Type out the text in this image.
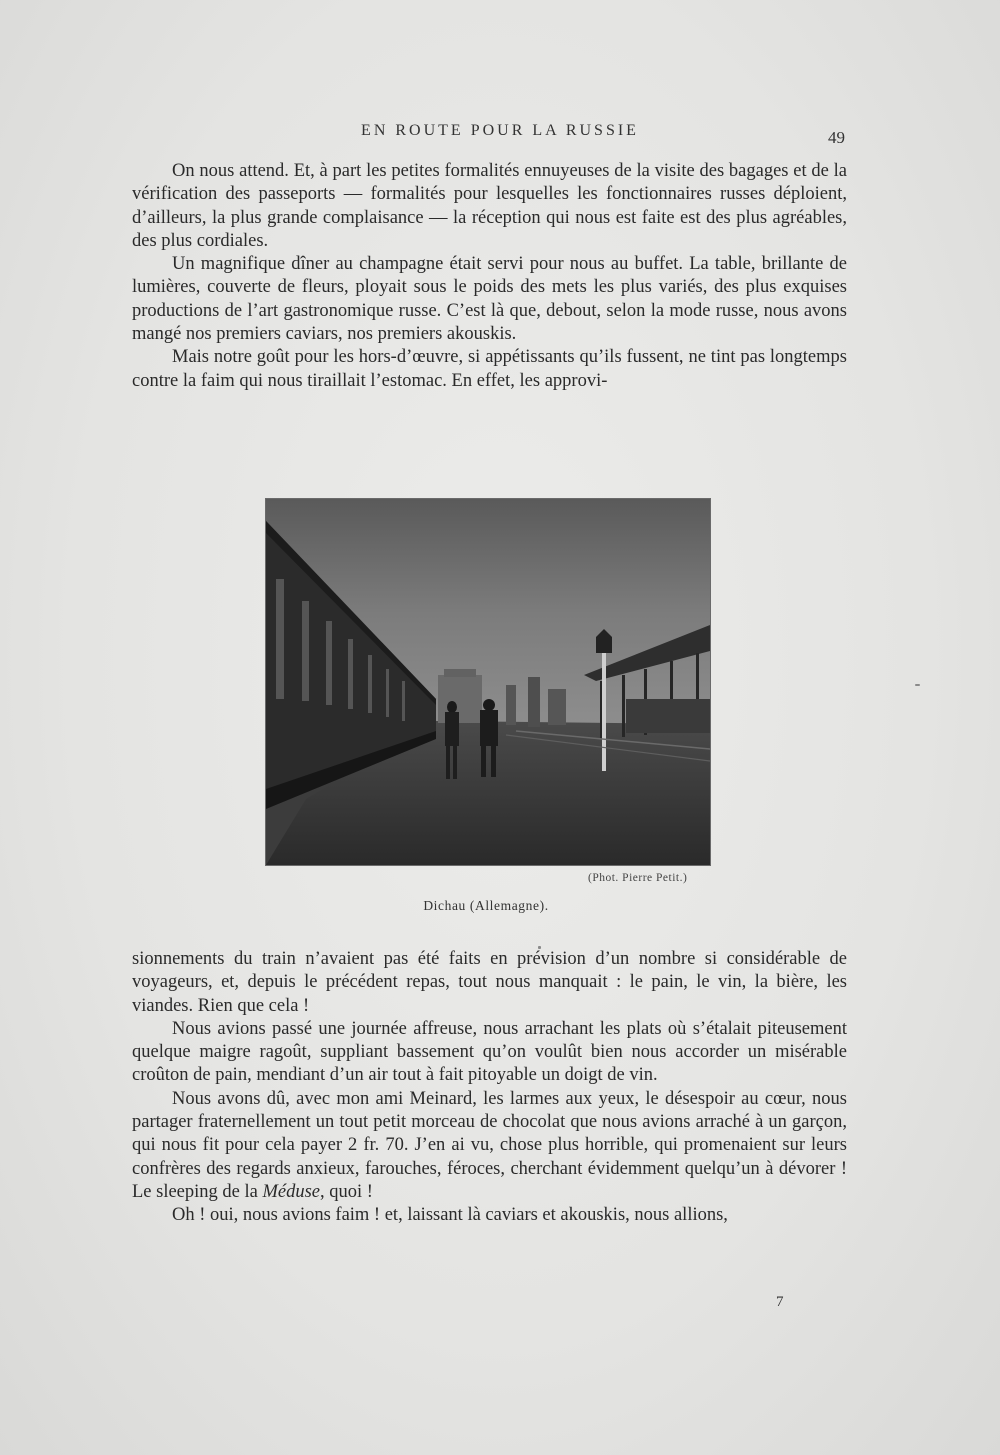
EN ROUTE POUR LA RUSSIE	49

On nous attend. Et, à part les petites formalités ennuyeuses de la visite des bagages et de la vérification des passeports — formalités pour lesquelles les fonctionnaires russes déploient, d’ailleurs, la plus grande complaisance — la réception qui nous est faite est des plus agréables, des plus cordiales.

Un magnifique dîner au champagne était servi pour nous au buffet. La table, brillante de lumières, couverte de fleurs, ployait sous le poids des mets les plus variés, des plus exquises productions de l’art gastronomique russe. C’est là que, debout, selon la mode russe, nous avons mangé nos premiers caviars, nos premiers akouskis.

Mais notre goût pour les hors-d’œuvre, si appétissants qu’ils fussent, ne tint pas longtemps contre la faim qui nous tiraillait l’estomac. En effet, les approvi-

(Phot. Pierre Petit.)
Dichau (Allemagne).

sionnements du train n’avaient pas été faits en prévision d’un nombre si considérable de voyageurs, et, depuis le précédent repas, tout nous manquait : le pain, le vin, la bière, les viandes. Rien que cela !

Nous avions passé une journée affreuse, nous arrachant les plats où s’étalait piteusement quelque maigre ragoût, suppliant bassement qu’on voulût bien nous accorder un misérable croûton de pain, mendiant d’un air tout à fait pitoyable un doigt de vin.

Nous avons dû, avec mon ami Meinard, les larmes aux yeux, le désespoir au cœur, nous partager fraternellement un tout petit morceau de chocolat que nous avions arraché à un garçon, qui nous fit pour cela payer 2 fr. 70. J’en ai vu, chose plus horrible, qui promenaient sur leurs confrères des regards anxieux, farouches, féroces, cherchant évidemment quelqu’un à dévorer ! Le sleeping de la Méduse, quoi !

Oh ! oui, nous avions faim ! et, laissant là caviars et akouskis, nous allions,

7
